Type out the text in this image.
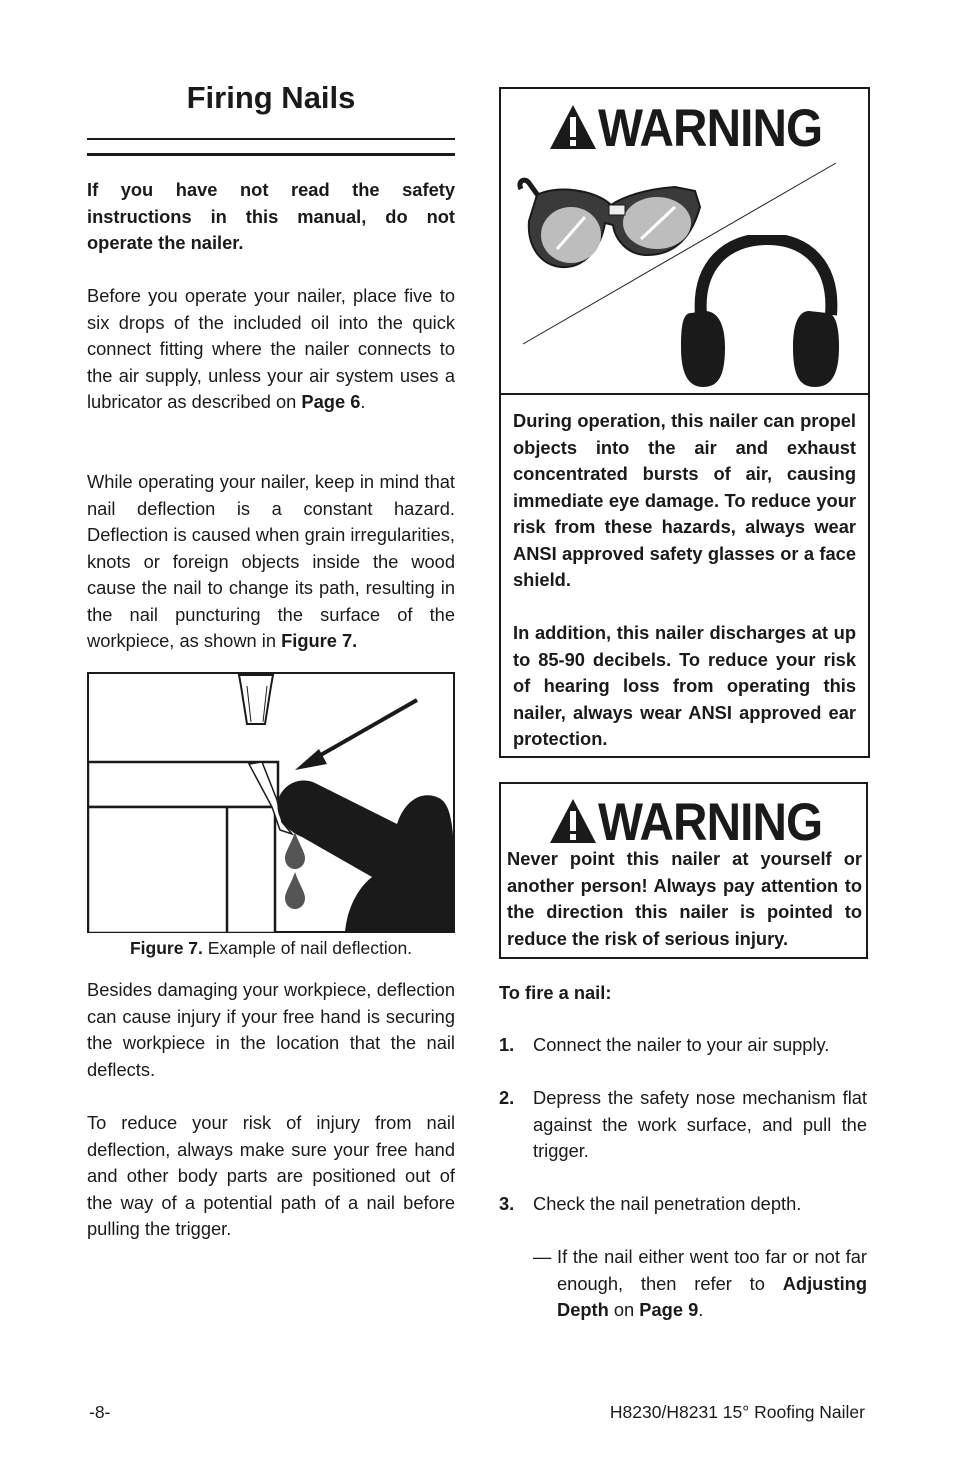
Firing Nails

If you have not read the safety instructions in this manual, do not operate the nailer.

Before you operate your nailer, place five to six drops of the included oil into the quick connect fitting where the nailer connects to the air supply, unless your air system uses a lubricator as described on Page 6.

While operating your nailer, keep in mind that nail deflection is a constant hazard. Deflection is caused when grain irregularities, knots or foreign objects inside the wood cause the nail to change its path, resulting in the nail puncturing the surface of the workpiece, as shown in Figure 7.

Figure 7. Example of nail deflection.

Besides damaging your workpiece, deflection can cause injury if your free hand is securing the workpiece in the location that the nail deflects.

To reduce your risk of injury from nail deflection, always make sure your free hand and other body parts are positioned out of the way of a potential path of a nail before pulling the trigger.

WARNING

During operation, this nailer can propel objects into the air and exhaust concentrated bursts of air, causing immediate eye damage. To reduce your risk from these hazards, always wear ANSI approved safety glasses or a face shield.

In addition, this nailer discharges at up to 85-90 decibels. To reduce your risk of hearing loss from operating this nailer, always wear ANSI approved ear protection.

WARNING

Never point this nailer at yourself or another person! Always pay attention to the direction this nailer is pointed to reduce the risk of serious injury.

To fire a nail:
1. Connect the nailer to your air supply.
2. Depress the safety nose mechanism flat against the work surface, and pull the trigger.
3. Check the nail penetration depth.
— If the nail either went too far or not far enough, then refer to Adjusting Depth on Page 9.
-8-	H8230/H8231 15° Roofing Nailer
